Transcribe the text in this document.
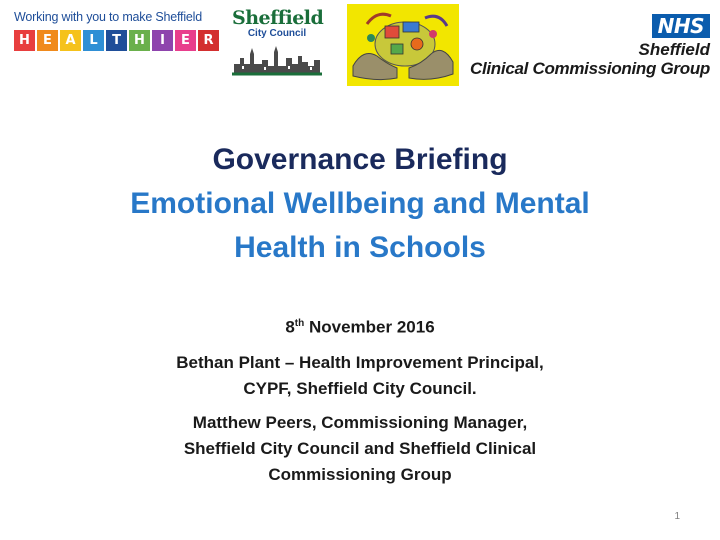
Working with you to make Sheffield
H	E	A	L	T	H	I	E	R
Sheffield
City Council	NHS
Sheffield
Clinical Commissioning Group
Governance Briefing
Emotional Wellbeing and Mental
Health in Schools
8th November 2016
Bethan Plant – Health Improvement Principal,
CYPF, Sheffield City Council.
Matthew Peers, Commissioning Manager,
Sheffield City Council and Sheffield Clinical
Commissioning Group
1
